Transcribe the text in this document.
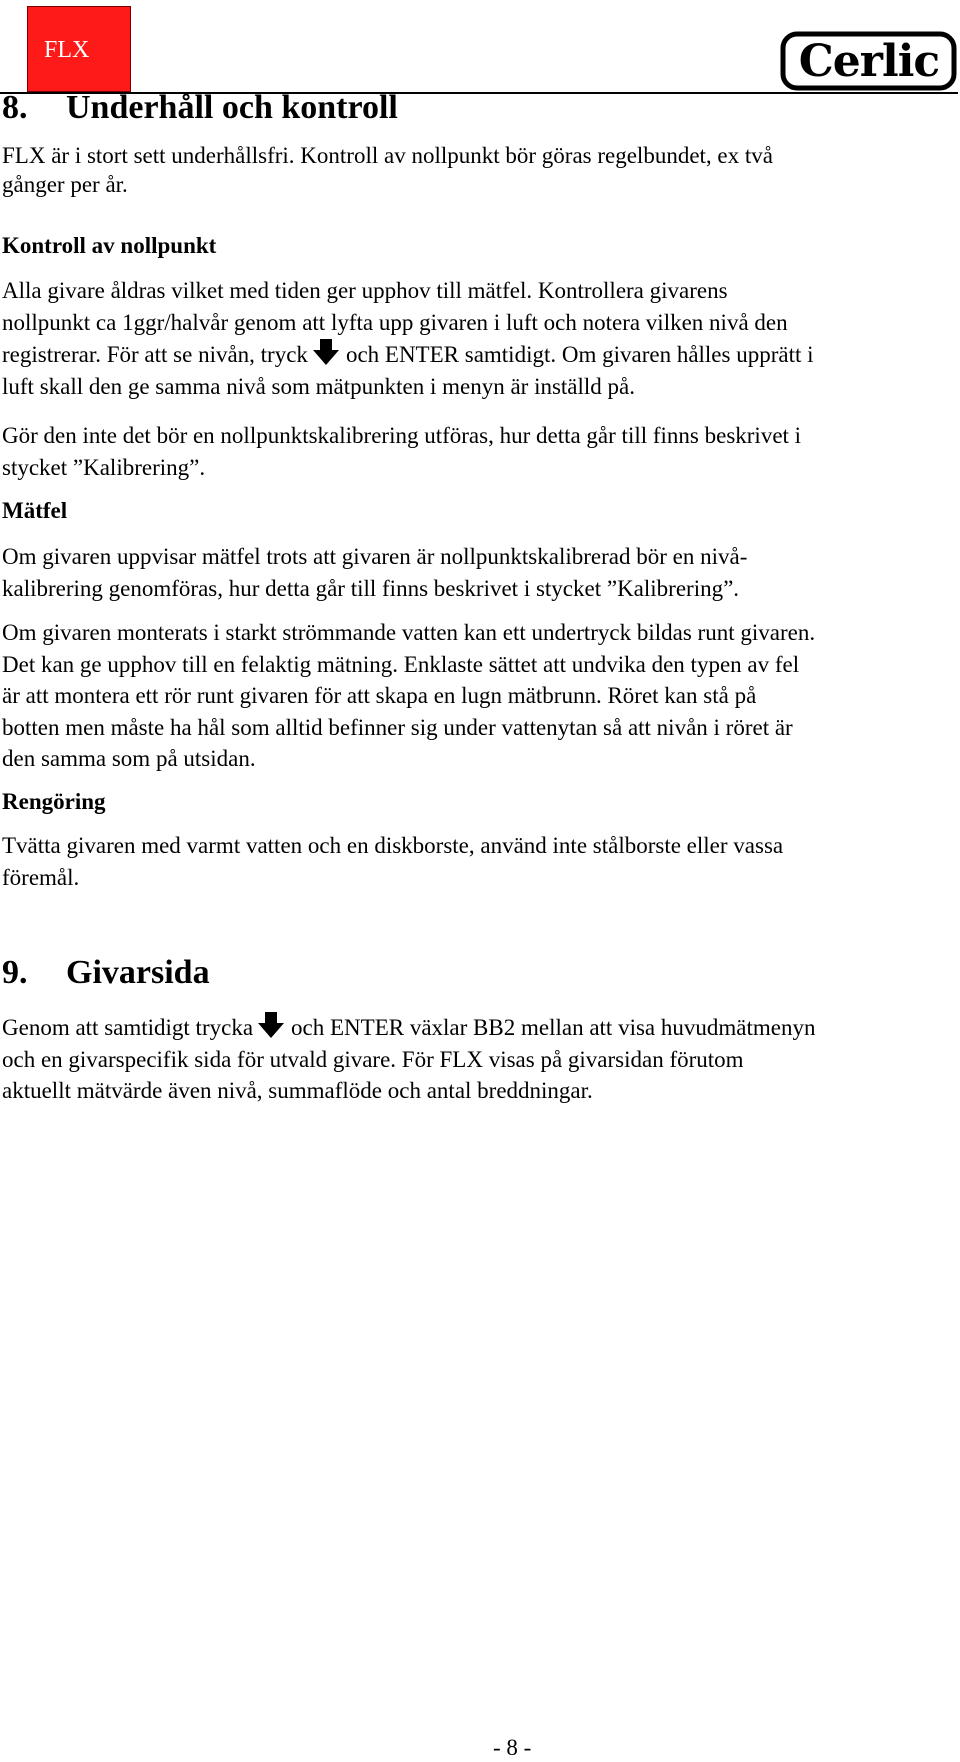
FLX	Cerlic
8. Underhåll och kontroll
FLX är i stort sett underhållsfri. Kontroll av nollpunkt bör göras regelbundet, ex två
gånger per år.
Kontroll av nollpunkt
Alla givare åldras vilket med tiden ger upphov till mätfel. Kontrollera givarens
nollpunkt ca 1ggr/halvår genom att lyfta upp givaren i luft och notera vilken nivå den
registrerar. För att se nivån, tryck och ENTER samtidigt. Om givaren hålles upprätt i
luft skall den ge samma nivå som mätpunkten i menyn är inställd på.
Gör den inte det bör en nollpunktskalibrering utföras, hur detta går till finns beskrivet i
stycket ”Kalibrering”.
Mätfel
Om givaren uppvisar mätfel trots att givaren är nollpunktskalibrerad bör en nivå-
kalibrering genomföras, hur detta går till finns beskrivet i stycket ”Kalibrering”.
Om givaren monterats i starkt strömmande vatten kan ett undertryck bildas runt givaren.
Det kan ge upphov till en felaktig mätning. Enklaste sättet att undvika den typen av fel
är att montera ett rör runt givaren för att skapa en lugn mätbrunn. Röret kan stå på
botten men måste ha hål som alltid befinner sig under vattenytan så att nivån i röret är
den samma som på utsidan.
Rengöring
Tvätta givaren med varmt vatten och en diskborste, använd inte stålborste eller vassa
föremål.
9. Givarsida
Genom att samtidigt trycka och ENTER växlar BB2 mellan att visa huvudmätmenyn
och en givarspecifik sida för utvald givare. För FLX visas på givarsidan förutom
aktuellt mätvärde även nivå, summaflöde och antal breddningar.
- 8 -
